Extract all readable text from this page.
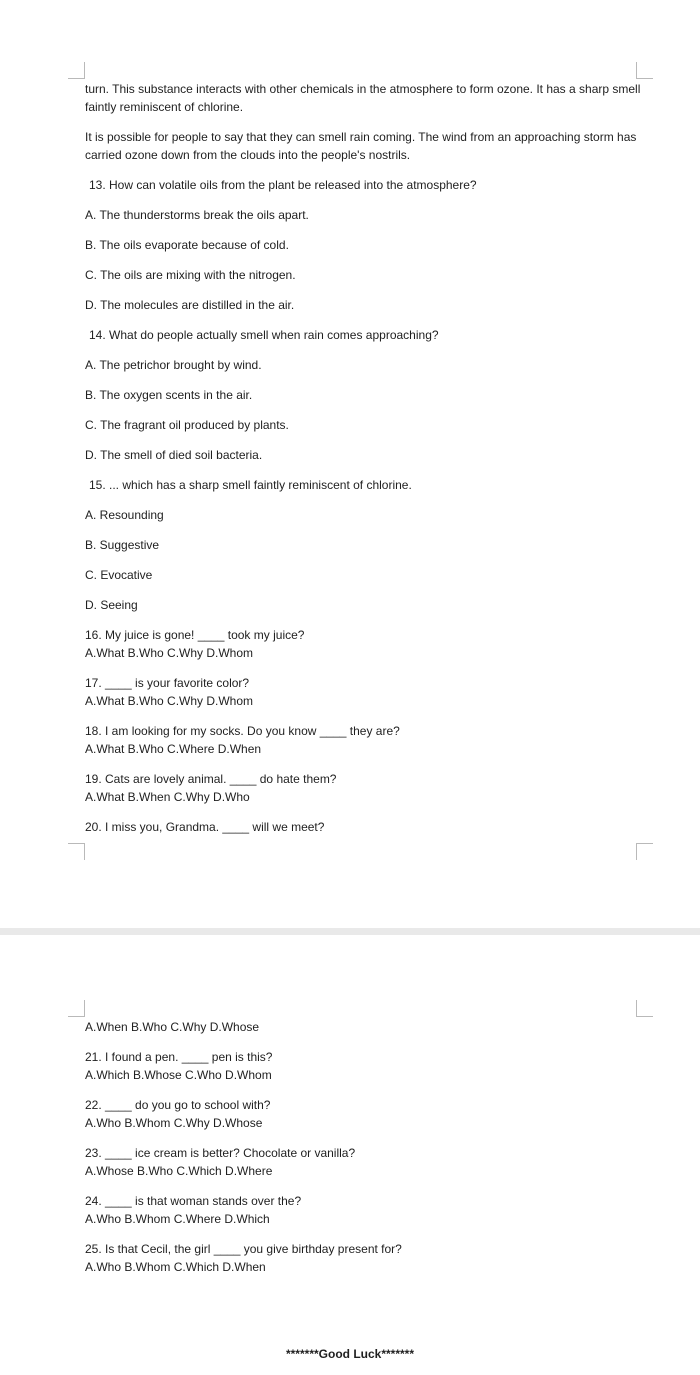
turn. This substance interacts with other chemicals in the atmosphere to form ozone. It has a sharp smell faintly reminiscent of chlorine.
It is possible for people to say that they can smell rain coming. The wind from an approaching storm has carried ozone down from the clouds into the people's nostrils.
13. How can volatile oils from the plant be released into the atmosphere?
A. The thunderstorms break the oils apart.
B. The oils evaporate because of cold.
C. The oils are mixing with the nitrogen.
D. The molecules are distilled in the air.
14. What do people actually smell when rain comes approaching?
A. The petrichor brought by wind.
B. The oxygen scents in the air.
C. The fragrant oil produced by plants.
D. The smell of died soil bacteria.
15. ... which has a sharp smell faintly reminiscent of chlorine.
A. Resounding
B. Suggestive
C. Evocative
D. Seeing
16. My juice is gone! ____ took my juice?
A.What B.Who C.Why D.Whom
17. ____ is your favorite color?
A.What B.Who C.Why D.Whom
18. I am looking for my socks. Do you know ____ they are?
A.What B.Who C.Where D.When
19. Cats are lovely animal. ____ do hate them?
A.What B.When C.Why D.Who
20. I miss you, Grandma. ____ will we meet?
A.When B.Who C.Why D.Whose
21. I found a pen. ____ pen is this?
A.Which B.Whose C.Who D.Whom
22. ____ do you go to school with?
A.Who B.Whom C.Why D.Whose
23. ____ ice cream is better? Chocolate or vanilla?
A.Whose B.Who C.Which D.Where
24. ____ is that woman stands over the?
A.Who B.Whom C.Where D.Which
25. Is that Cecil, the girl ____ you give birthday present for?
A.Who B.Whom C.Which D.When
*******Good Luck*******
